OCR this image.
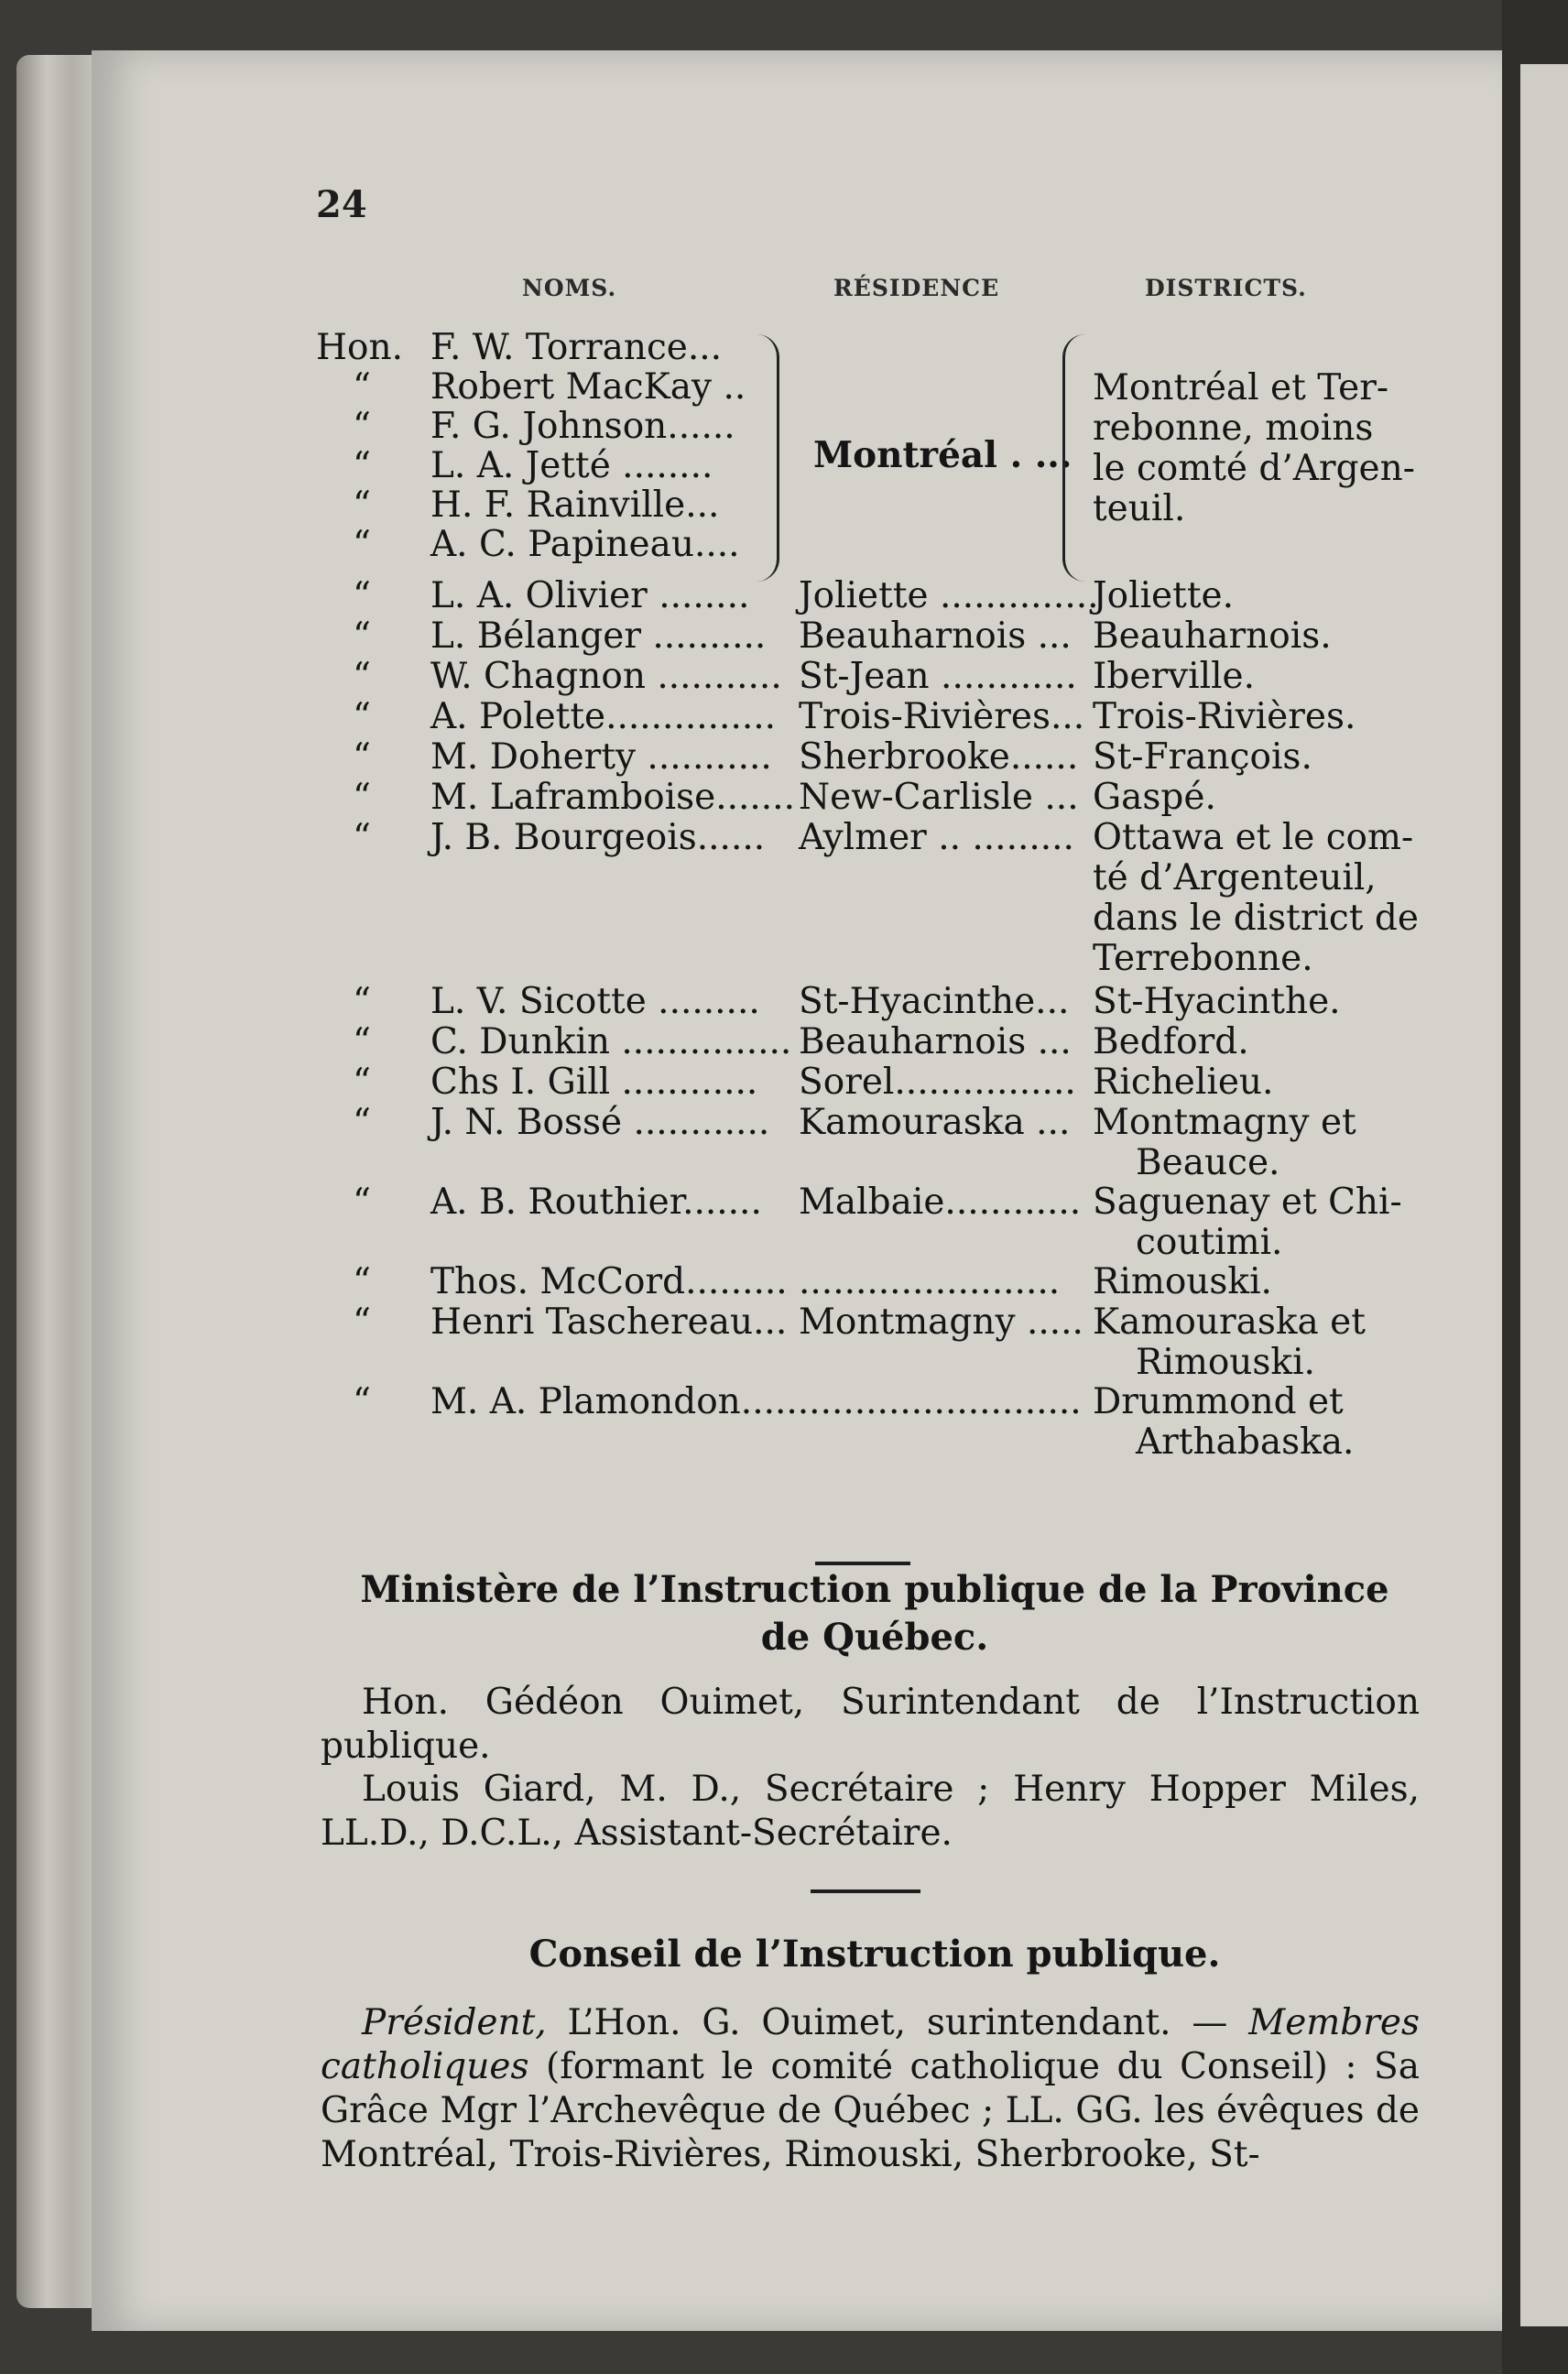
24
NOMS.	RÉSIDENCE	DISTRICTS.
Hon. F. W. Torrance...
“ Robert MacKay ..
“ F. G. Johnson......
“ L. A. Jetté ........
“ H. F. Rainville...
“ A. C. Papineau....
Montréal . ...
Montréal et Ter-
rebonne, moins
le comté d’Argen-
teuil.
“ L. A. Olivier ........ Joliette ..............
Joliette.
“ L. Bélanger .......... Beauharnois ... Beauharnois.
“ W. Chagnon ........... St-Jean ............ Iberville.
“ A. Polette............... Trois-Rivières... Trois-Rivières.
“ M. Doherty ........... Sherbrooke...... St-François.
“ M. Laframboise....... New-Carlisle ... Gaspé.
“ J. B. Bourgeois...... Aylmer .. ......... Ottawa et le com-
té d’Argenteuil,
dans le district de
Terrebonne.
“ L. V. Sicotte ......... St-Hyacinthe... St-Hyacinthe.
“ C. Dunkin ............... Beauharnois ... Bedford.
“ Chs I. Gill ............ Sorel................ Richelieu.
“ J. N. Bossé ............ Kamouraska ... Montmagny et
Beauce.
“ A. B. Routhier....... Malbaie............ Saguenay et Chi-
coutimi.
“ Thos. McCord......... ....................... Rimouski.
“ Henri Taschereau... Montmagny ..... Kamouraska et
Rimouski.
“ M. A. Plamondon.............................. Drummond et
Arthabaska.
Ministère de l’Instruction publique de la Province
de Québec.
Hon. Gédéon Ouimet, Surintendant de l’Instruction publique.
Louis Giard, M. D., Secrétaire ; Henry Hopper Miles, LL.D., D.C.L., Assistant-Secrétaire.
Conseil de l’Instruction publique.
Président, L’Hon. G. Ouimet, surintendant. — Membres catholiques (formant le comité catholique du Conseil) : Sa Grâce Mgr l’Archevêque de Québec ; LL. GG. les évêques de Montréal, Trois-Rivières, Rimouski, Sherbrooke, St-
